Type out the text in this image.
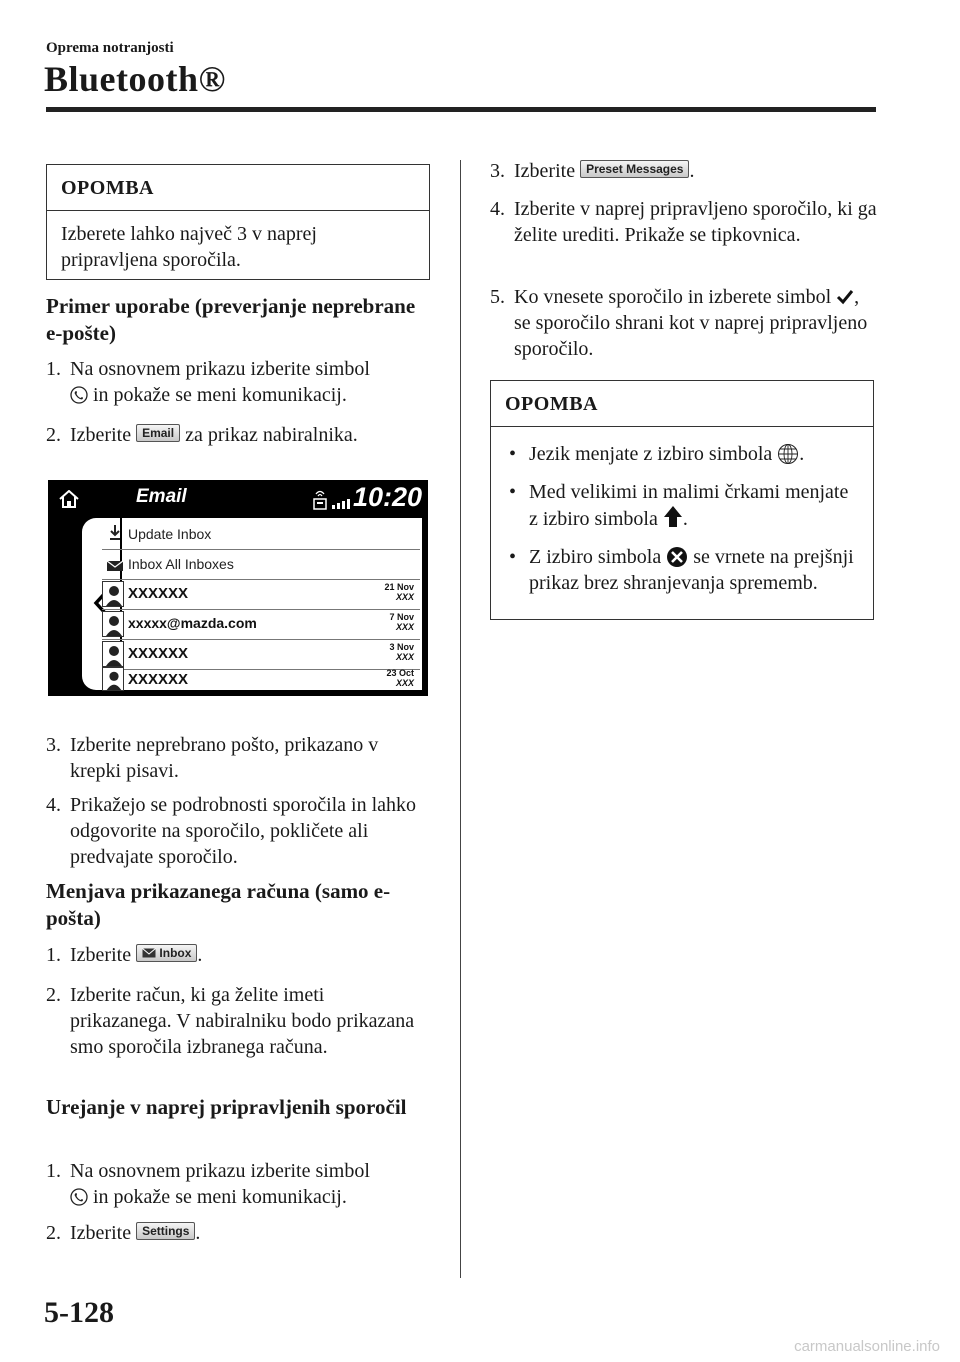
Oprema notranjosti
Bluetooth®
OPOMBA
Izberete lahko največ 3 v naprej pripravljena sporočila.
Primer uporabe (preverjanje neprebrane e-pošte)
1. Na osnovnem prikazu izberite simbol
in pokaže se meni komunikacij.
2. Izberite Email za prikaz nabiralnika.
Email	10:20
Update Inbox
Inbox All Inboxes
XXXXXX	21 Nov
XXX
xxxxx@mazda.com	7 Nov
XXX
XXXXXX	3 Nov
XXX
XXXXXX	23 Oct
XXX
3. Izberite neprebrano pošto, prikazano v krepki pisavi.
4. Prikažejo se podrobnosti sporočila in lahko odgovorite na sporočilo, pokličete ali predvajate sporočilo.
Menjava prikazanega računa (samo e-pošta)
1. Izberite Inbox .
2. Izberite račun, ki ga želite imeti prikazanega. V nabiralniku bodo prikazana smo sporočila izbranega računa.
Urejanje v naprej pripravljenih sporočil
1. Na osnovnem prikazu izberite simbol
in pokaže se meni komunikacij.
2. Izberite Settings .
3. Izberite Preset Messages .
4. Izberite v naprej pripravljeno sporočilo, ki ga želite urediti. Prikaže se tipkovnica.
5. Ko vnesete sporočilo in izberete simbol , se sporočilo shrani kot v naprej pripravljeno sporočilo.
OPOMBA
• Jezik menjate z izbiro simbola .
• Med velikimi in malimi črkami menjate z izbiro simbola .
• Z izbiro simbola se vrnete na prejšnji prikaz brez shranjevanja sprememb.
5-128
carmanualsonline.info
